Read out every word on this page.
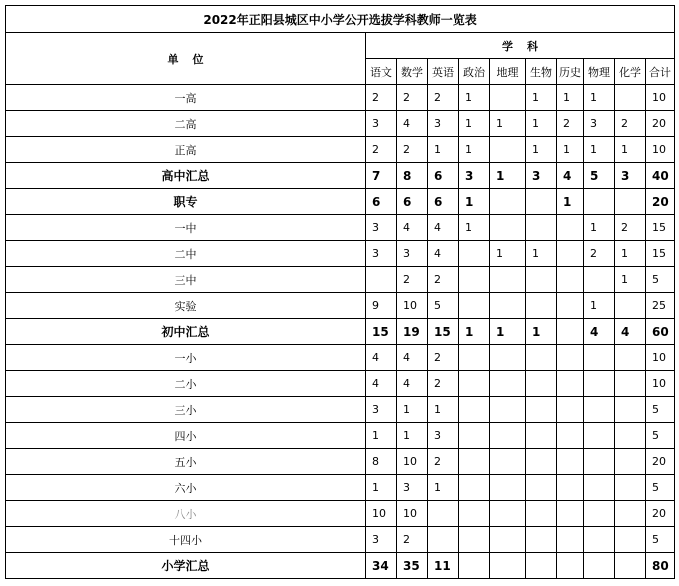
2022年正阳县城区中小学公开选拔学科教师一览表										
单位	学科									
	语文	数学	英语	政治	地理	生物	历史	物理	化学	合计
一高	2	2	2	1		1	1	1		10
二高	3	4	3	1	1	1	2	3	2	20
正高	2	2	1	1		1	1	1	1	10
高中汇总	7	8	6	3	1	3	4	5	3	40
职专	6	6	6	1			1			20
一中	3	4	4	1				1	2	15
二中	3	3	4		1	1		2	1	15
三中		2	2						1	5
实验	9	10	5					1		25
初中汇总	15	19	15	1	1	1		4	4	60
一小	4	4	2							10
二小	4	4	2							10
三小	3	1	1							5
四小	1	1	3							5
五小	8	10	2							20
六小	1	3	1							5
八小	10	10								20
十四小	3	2								5
小学汇总	34	35	11							80
